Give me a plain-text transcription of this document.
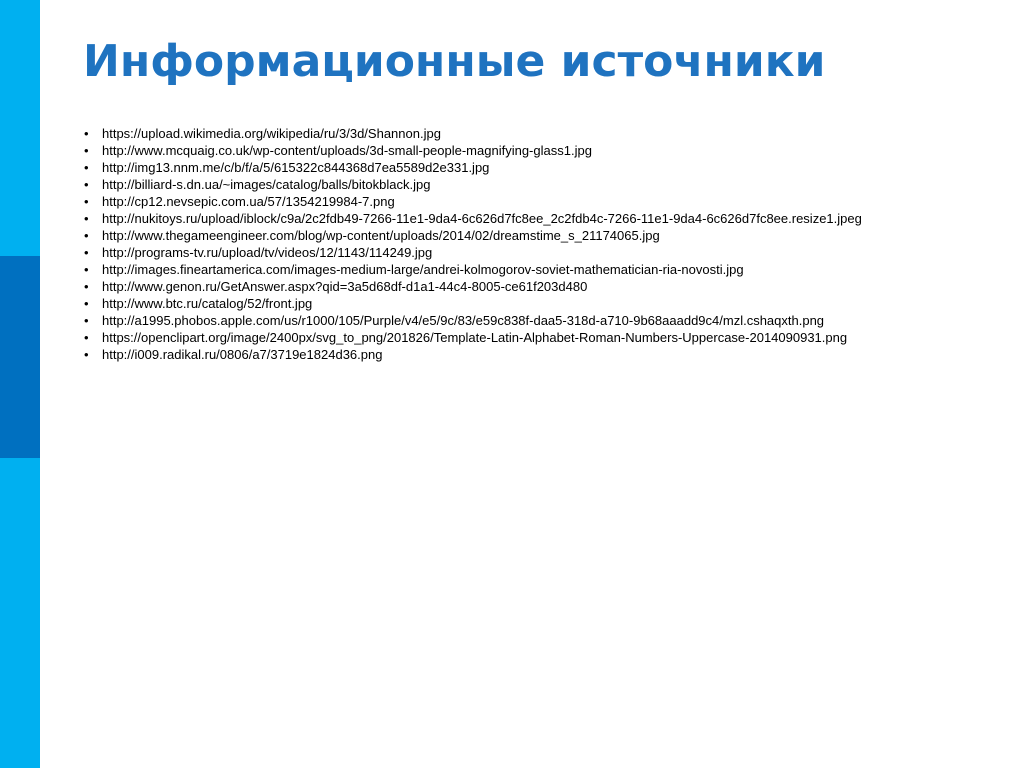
Информационные источники
• https://upload.wikimedia.org/wikipedia/ru/3/3d/Shannon.jpg
• http://www.mcquaig.co.uk/wp-content/uploads/3d-small-people-magnifying-glass1.jpg
• http://img13.nnm.me/c/b/f/a/5/615322c844368d7ea5589d2e331.jpg
• http://billiard-s.dn.ua/~images/catalog/balls/bitokblack.jpg
• http://cp12.nevsepic.com.ua/57/1354219984-7.png
• http://nukitoys.ru/upload/iblock/c9a/2c2fdb49-7266-11e1-9da4-6c626d7fc8ee_2c2fdb4c-7266-11e1-9da4-6c626d7fc8ee.resize1.jpeg
• http://www.thegameengineer.com/blog/wp-content/uploads/2014/02/dreamstime_s_21174065.jpg
• http://programs-tv.ru/upload/tv/videos/12/1143/114249.jpg
• http://images.fineartamerica.com/images-medium-large/andrei-kolmogorov-soviet-mathematician-ria-novosti.jpg
• http://www.genon.ru/GetAnswer.aspx?qid=3a5d68df-d1a1-44c4-8005-ce61f203d480
• http://www.btc.ru/catalog/52/front.jpg
• http://a1995.phobos.apple.com/us/r1000/105/Purple/v4/e5/9c/83/e59c838f-daa5-318d-a710-9b68aaadd9c4/mzl.cshaqxth.png
• https://openclipart.org/image/2400px/svg_to_png/201826/Template-Latin-Alphabet-Roman-Numbers-Uppercase-2014090931.png
• http://i009.radikal.ru/0806/a7/3719e1824d36.png
